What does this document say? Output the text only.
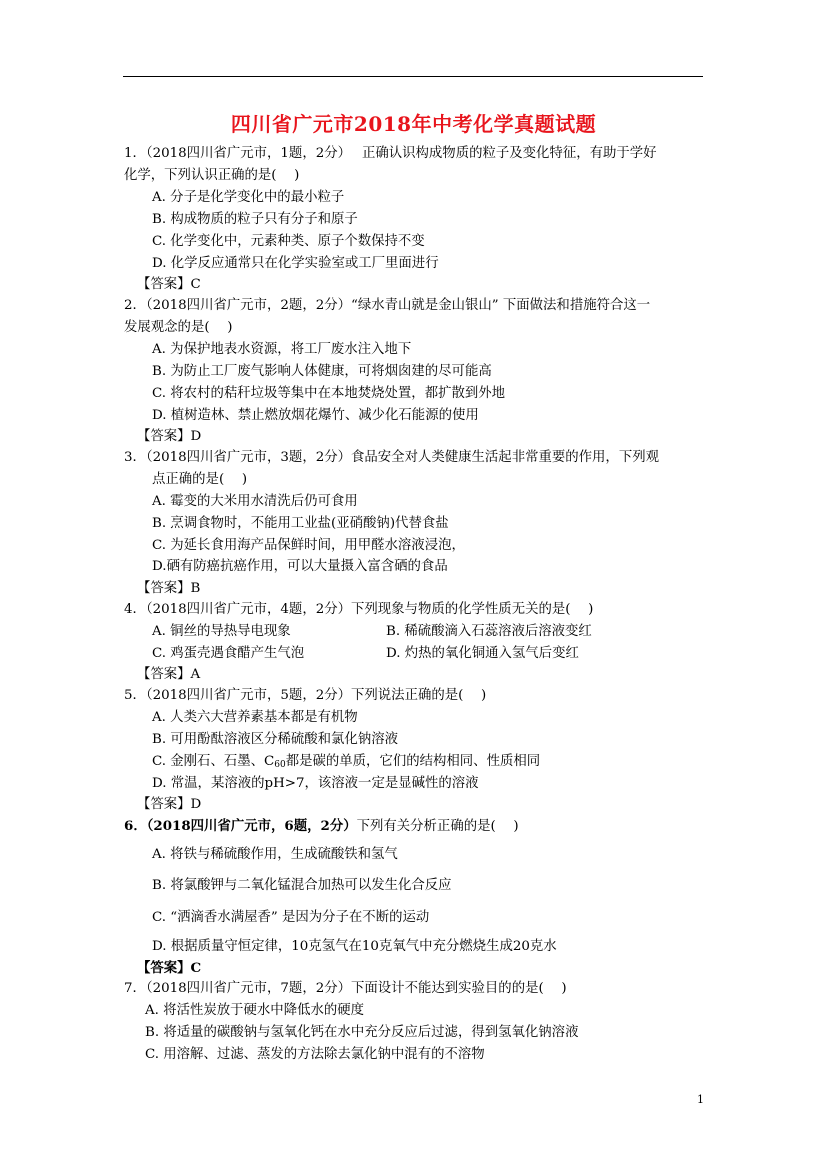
四川省广元市2018年中考化学真题试题
1．（2018四川省广元市，1题，2分）　 正确认识构成物质的粒子及变化特征，有助于学好
化学，下列认识正确的是(　 )
A. 分子是化学变化中的最小粒子
B. 构成物质的粒子只有分子和原子
C. 化学变化中，元素种类、原子个数保持不变
D. 化学反应通常只在化学实验室或工厂里面进行
【答案】C
2．（2018四川省广元市，2题，2分）“绿水青山就是金山银山” 下面做法和措施符合这一
发展观念的是(　 )
A. 为保护地表水资源，将工厂废水注入地下
B. 为防止工厂废气影响人体健康，可将烟囱建的尽可能高
C. 将农村的秸秆垃圾等集中在本地焚烧处置，都扩散到外地
D. 植树造林、禁止燃放烟花爆竹、减少化石能源的使用
【答案】D
3．（2018四川省广元市，3题，2分）食品安全对人类健康生活起非常重要的作用，下列观
点正确的是(　 )
A. 霉变的大米用水清洗后仍可食用
B. 烹调食物时，不能用工业盐(亚硝酸钠)代替食盐
C. 为延长食用海产品保鲜时间，用甲醛水溶液浸泡，
D.硒有防癌抗癌作用，可以大量摄入富含硒的食品
【答案】B
4．（2018四川省广元市，4题，2分）下列现象与物质的化学性质无关的是(　 )
A. 铜丝的导热导电现象	B. 稀硫酸滴入石蕊溶液后溶液变红
C. 鸡蛋壳遇食醋产生气泡	D. 灼热的氧化铜通入氢气后变红
【答案】A
5．（2018四川省广元市，5题，2分）下列说法正确的是(　 )
A. 人类六大营养素基本都是有机物
B. 可用酚酞溶液区分稀硫酸和氯化钠溶液
C. 金刚石、石墨、$C_{60}$都是碳的单质，它们的结构相同、性质相同
D. 常温，某溶液的pH>7，该溶液一定是显碱性的溶液
【答案】D
6．（2018四川省广元市，6题，2分）下列有关分析正确的是(　 )
A. 将铁与稀硫酸作用，生成硫酸铁和氢气
B. 将氯酸钾与二氧化锰混合加热可以发生化合反应
C. “洒滴香水满屋香” 是因为分子在不断的运动
D. 根据质量守恒定律，10克氢气在10克氧气中充分燃烧生成20克水
【答案】C
7．（2018四川省广元市，7题，2分）下面设计不能达到实验目的的是(　 )
A. 将活性炭放于硬水中降低水的硬度
B. 将适量的碳酸钠与氢氧化钙在水中充分反应后过滤，得到氢氧化钠溶液
C. 用溶解、过滤、蒸发的方法除去氯化钠中混有的不溶物
1
